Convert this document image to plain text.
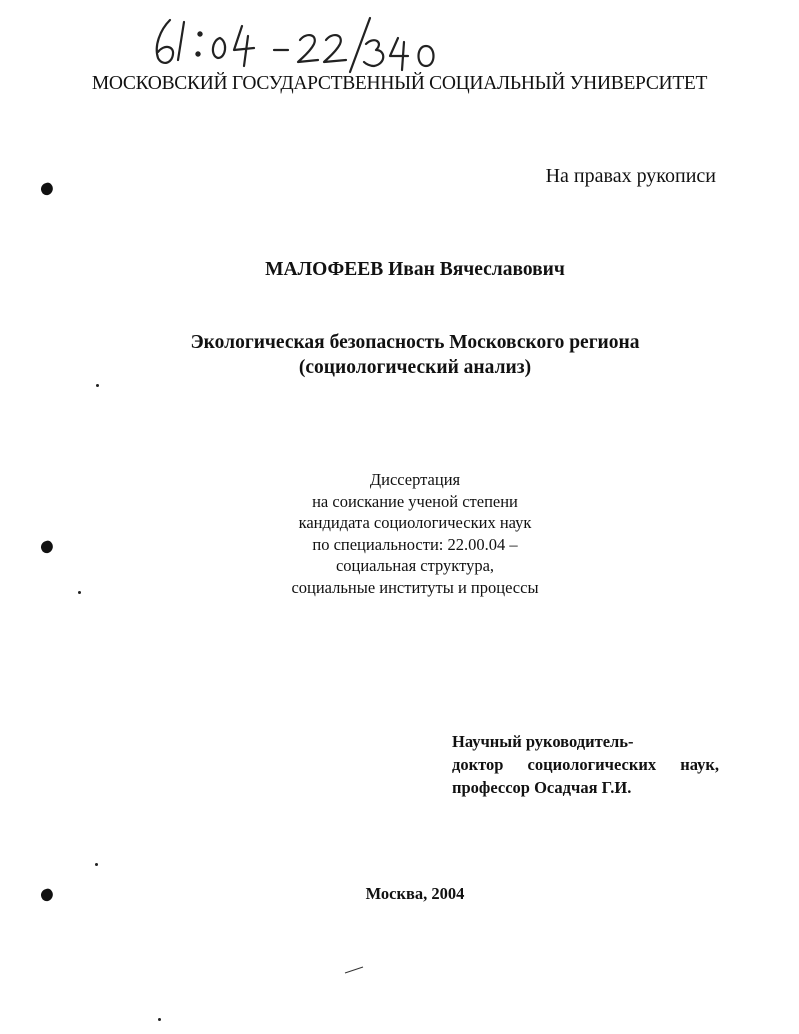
МОСКОВСКИЙ ГОСУДАРСТВЕННЫЙ СОЦИАЛЬНЫЙ УНИВЕРСИТЕТ
На правах рукописи
МАЛОФЕЕВ Иван Вячеславович
Экологическая безопасность Московского региона
(социологический анализ)
Диссертация
на соискание ученой степени
кандидата социологических наук
по специальности: 22.00.04 –
социальная структура,
социальные институты и процессы
Научный руководитель-
доктор социологических наук,
профессор Осадчая Г.И.
Москва, 2004
